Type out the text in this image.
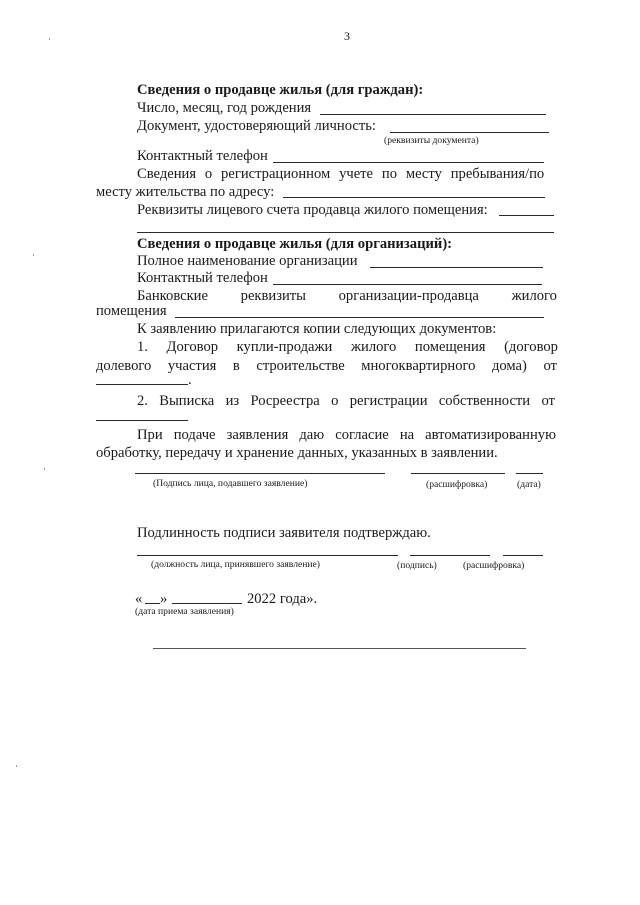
3
Сведения о продавце жилья (для граждан):
Число, месяц, год рождения
Документ, удостоверяющий личность:
(реквизиты документа)
Контактный телефон
Сведения о регистрационном учете по месту пребывания/по
месту жительства по адресу:
Реквизиты лицевого счета продавца жилого помещения:
Сведения о продавце жилья (для организаций):
Полное наименование организации
Контактный телефон
Банковские реквизиты организации-продавца жилого
помещения
К заявлению прилагаются копии следующих документов:
1. Договор купли-продажи жилого помещения (договор
долевого участия в строительстве многоквартирного дома) от
.
2. Выписка из Росреестра о регистрации собственности от
При подаче заявления даю согласие на автоматизированную
обработку, передачу и хранение данных, указанных в заявлении.
(Подпись лица, подавшего заявление)	(расшифровка)	(дата)
Подлинность подписи заявителя подтверждаю.
(должность лица, принявшего заявление)	(подпись)	(расшифровка)
« »	2022 года».
(дата приема заявления)
